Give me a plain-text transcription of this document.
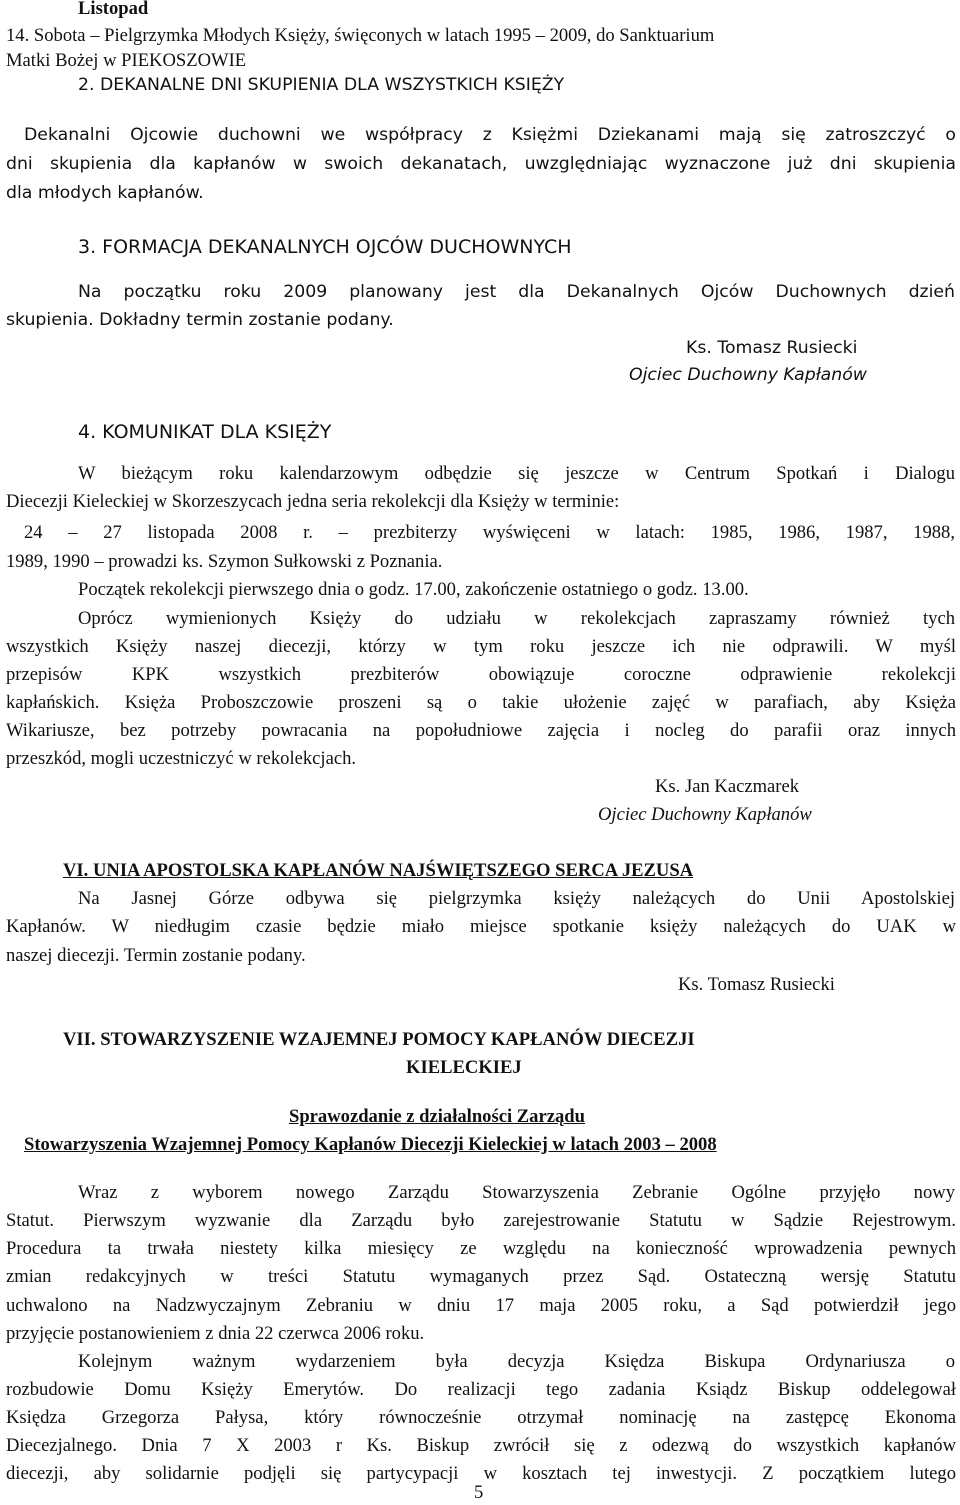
Listopad
14. Sobota – Pielgrzymka Młodych Księży, święconych w latach 1995 – 2009, do Sanktuarium
Matki Bożej w PIEKOSZOWIE
2. DEKANALNE DNI SKUPIENIA DLA WSZYSTKICH KSIĘŻY
Dekanalni Ojcowie duchowni we współpracy z Księżmi Dziekanami mają się zatroszczyć o
dni skupienia dla kapłanów w swoich dekanatach, uwzględniając wyznaczone już dni skupienia
dla młodych kapłanów.
3. FORMACJA DEKANALNYCH OJCÓW DUCHOWNYCH
Na początku roku 2009 planowany jest dla Dekanalnych Ojców Duchownych dzień
skupienia. Dokładny termin zostanie podany.
Ks. Tomasz Rusiecki
Ojciec Duchowny Kapłanów
4. KOMUNIKAT DLA KSIĘŻY
W bieżącym roku kalendarzowym odbędzie się jeszcze w Centrum Spotkań i Dialogu
Diecezji Kieleckiej w Skorzeszycach jedna seria rekolekcji dla Księży w terminie:
24 – 27 listopada 2008 r. – prezbiterzy wyświęceni w latach: 1985, 1986, 1987, 1988,
1989, 1990 – prowadzi ks. Szymon Sułkowski z Poznania.
Początek rekolekcji pierwszego dnia o godz. 17.00, zakończenie ostatniego o godz. 13.00.
Oprócz wymienionych Księży do udziału w rekolekcjach zapraszamy również tych
wszystkich Księży naszej diecezji, którzy w tym roku jeszcze ich nie odprawili. W myśl
przepisów KPK wszystkich prezbiterów obowiązuje coroczne odprawienie rekolekcji
kapłańskich. Księża Proboszczowie proszeni są o takie ułożenie zajęć w parafiach, aby Księża
Wikariusze, bez potrzeby powracania na popołudniowe zajęcia i nocleg do parafii oraz innych
przeszkód, mogli uczestniczyć w rekolekcjach.
Ks. Jan Kaczmarek
Ojciec Duchowny Kapłanów
VI. UNIA APOSTOLSKA KAPŁANÓW NAJŚWIĘTSZEGO SERCA JEZUSA
Na Jasnej Górze odbywa się pielgrzymka księży należących do Unii Apostolskiej
Kapłanów. W niedługim czasie będzie miało miejsce spotkanie księży należących do UAK w
naszej diecezji. Termin zostanie podany.
Ks. Tomasz Rusiecki
VII. STOWARZYSZENIE WZAJEMNEJ POMOCY KAPŁANÓW DIECEZJI
KIELECKIEJ
Sprawozdanie z działalności Zarządu
Stowarzyszenia Wzajemnej Pomocy Kapłanów Diecezji Kieleckiej w latach 2003 – 2008
Wraz z wyborem nowego Zarządu Stowarzyszenia Zebranie Ogólne przyjęło nowy
Statut. Pierwszym wyzwanie dla Zarządu było zarejestrowanie Statutu w Sądzie Rejestrowym.
Procedura ta trwała niestety kilka miesięcy ze względu na konieczność wprowadzenia pewnych
zmian redakcyjnych w treści Statutu wymaganych przez Sąd. Ostateczną wersję Statutu
uchwalono na Nadzwyczajnym Zebraniu w dniu 17 maja 2005 roku, a Sąd potwierdził jego
przyjęcie postanowieniem z dnia 22 czerwca 2006 roku.
Kolejnym ważnym wydarzeniem była decyzja Księdza Biskupa Ordynariusza o
rozbudowie Domu Księży Emerytów. Do realizacji tego zadania Ksiądz Biskup oddelegował
Księdza Grzegorza Pałysa, który równocześnie otrzymał nominację na zastępcę Ekonoma
Diecezjalnego. Dnia 7 X 2003 r Ks. Biskup zwrócił się z odezwą do wszystkich kapłanów
diecezji, aby solidarnie podjęli się partycypacji w kosztach tej inwestycji. Z początkiem lutego
5
